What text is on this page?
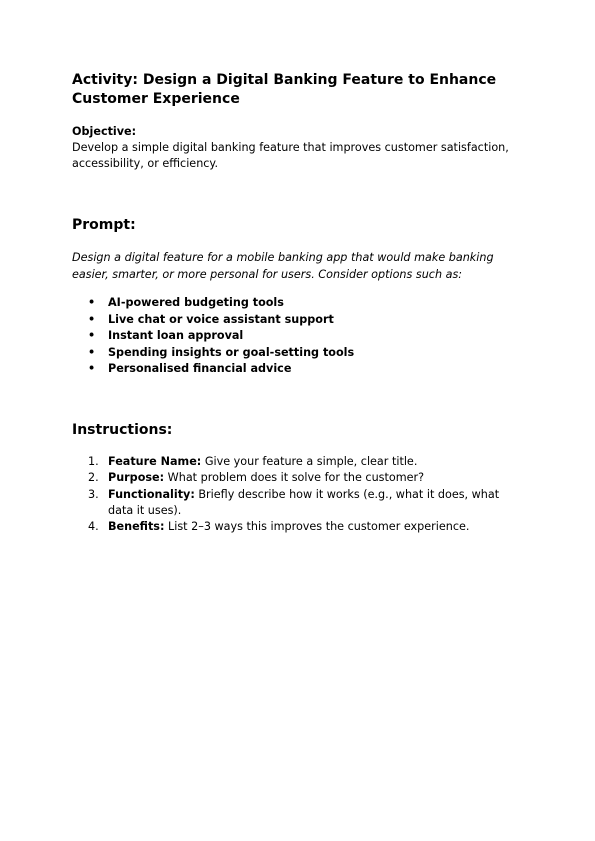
Activity: Design a Digital Banking Feature to Enhance Customer Experience

Objective:

Develop a simple digital banking feature that improves customer satisfaction, accessibility, or efficiency.

Prompt:

Design a digital feature for a mobile banking app that would make banking easier, smarter, or more personal for users. Consider options such as:

• AI-powered budgeting tools
• Live chat or voice assistant support
• Instant loan approval
• Spending insights or goal-setting tools
• Personalised financial advice
Instructions:
1. Feature Name: Give your feature a simple, clear title.
2. Purpose: What problem does it solve for the customer?
3. Functionality: Briefly describe how it works (e.g., what it does, what data it uses).
4. Benefits: List 2–3 ways this improves the customer experience.
